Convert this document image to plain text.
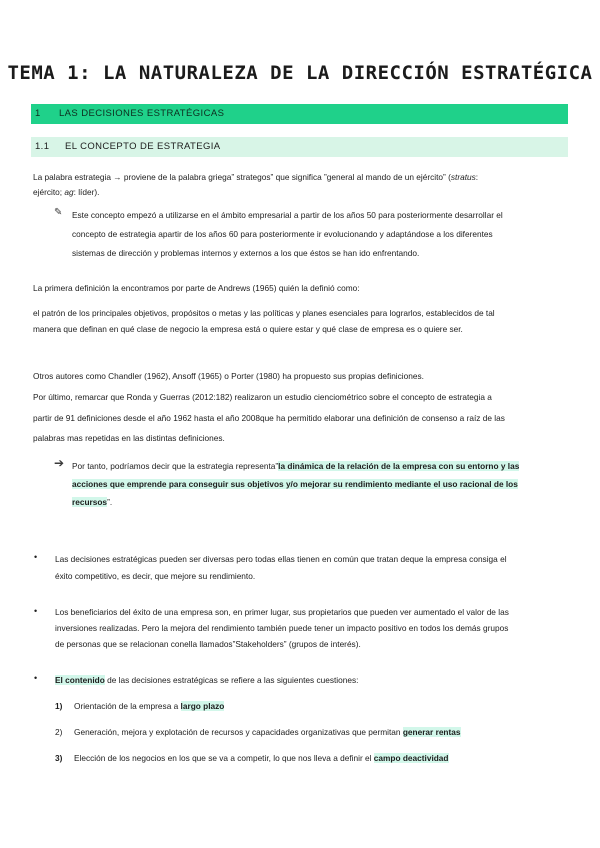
TEMA 1: LA NATURALEZA DE LA DIRECCIÓN ESTRATÉGICA
1 LAS DECISIONES ESTRATÉGICAS
1.1 EL CONCEPTO DE ESTRATEGIA
La palabra estrategia → proviene de la palabra griega” strategos” que significa ”general al mando de un ejército” (stratus:
ejército; ag: líder).
✎ Este concepto empezó a utilizarse en el ámbito empresarial a partir de los años 50 para posteriormente desarrollar el
concepto de estrategia apartir de los años 60 para posteriormente ir evolucionando y adaptándose a los diferentes
sistemas de dirección y problemas internos y externos a los que éstos se han ido enfrentando.
La primera definición la encontramos por parte de Andrews (1965) quién la definió como:
el patrón de los principales objetivos, propósitos o metas y las políticas y planes esenciales para lograrlos, establecidos de tal
manera que definan en qué clase de negocio la empresa está o quiere estar y qué clase de empresa es o quiere ser.
Otros autores como Chandler (1962), Ansoff (1965) o Porter (1980) ha propuesto sus propias definiciones.
Por último, remarcar que Ronda y Guerras (2012:182) realizaron un estudio cienciométrico sobre el concepto de estrategia a
partir de 91 definiciones desde el año 1962 hasta el año 2008que ha permitido elaborar una definición de consenso a raíz de las
palabras mas repetidas en las distintas definiciones.
➔ Por tanto, podríamos decir que la estrategia representa”la dinámica de la relación de la empresa con su entorno y las
acciones que emprende para conseguir sus objetivos y/o mejorar su rendimiento mediante el uso racional de los
recursos”.
• Las decisiones estratégicas pueden ser diversas pero todas ellas tienen en común que tratan deque la empresa consiga el
éxito competitivo, es decir, que mejore su rendimiento.
• Los beneficiarios del éxito de una empresa son, en primer lugar, sus propietarios que pueden ver aumentado el valor de las
inversiones realizadas. Pero la mejora del rendimiento también puede tener un impacto positivo en todos los demás grupos
de personas que se relacionan conella llamados”Stakeholders” (grupos de interés).
• El contenido de las decisiones estratégicas se refiere a las siguientes cuestiones:
1) Orientación de la empresa a largo plazo
2) Generación, mejora y explotación de recursos y capacidades organizativas que permitan generar rentas
3) Elección de los negocios en los que se va a competir, lo que nos lleva a definir el campo deactividad
